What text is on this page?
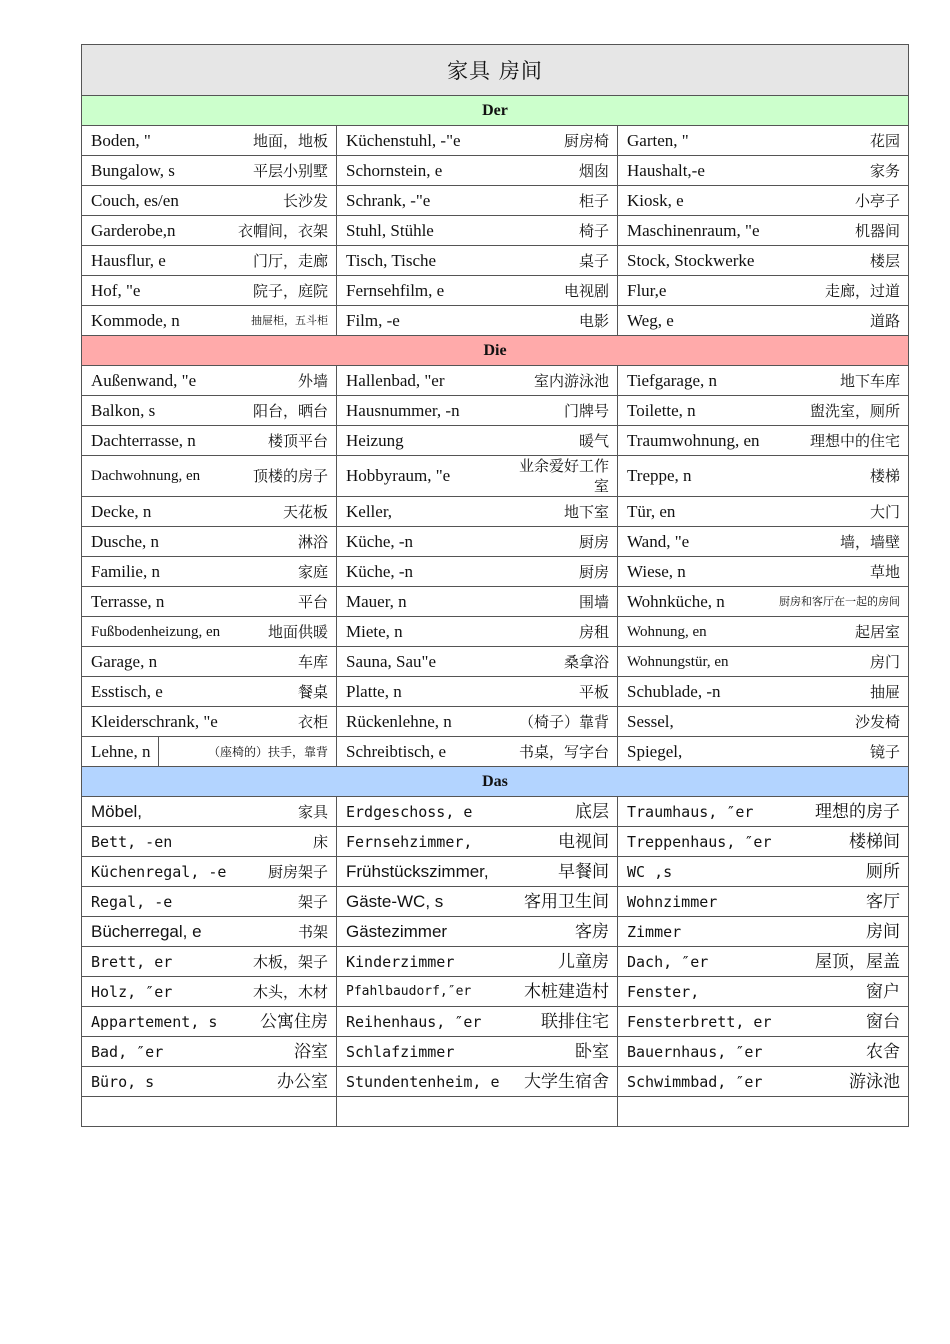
家具 房间		
Der		

Boden, " 地面，地板	Küchenstuhl, -"e 厨房椅	Garten, " 花园

Bungalow, s 平层小别墅	Schornstein, e 烟囱	Haushalt,-e 家务

Couch, es/en 长沙发	Schrank, -"e 柜子	Kiosk, e 小亭子

Garderobe,n 衣帽间，衣架	Stuhl, Stühle 椅子	Maschinenraum, "e 机器间

Hausflur, e 门厅，走廊	Tisch, Tische 桌子	Stock, Stockwerke 楼层

Hof, "e 院子，庭院	Fernsehfilm, e 电视剧	Flur,e 走廊，过道

Kommode, n 抽屉柜，五斗柜	Film, -e 电影	Weg, e 道路

Die		

Außenwand, "e 外墙	Hallenbad, "er 室内游泳池	Tiefgarage, n 地下车库

Balkon, s 阳台，晒台	Hausnummer, -n 门牌号	Toilette, n 盥洗室，厕所

Dachterrasse, n 楼顶平台	Heizung 暖气	Traumwohnung, en 理想中的住宅

Dachwohnung, en 顶楼的房子	Hobbyraum, "e 业余爱好工作室	Treppe, n 楼梯

Decke, n 天花板	Keller, 地下室	Tür, en 大门

Dusche, n 淋浴	Küche, -n 厨房	Wand, "e 墙，墙壁

Familie, n 家庭	Küche, -n 厨房	Wiese, n 草地

Terrasse, n 平台	Mauer, n 围墙	Wohnküche, n 厨房和客厅在一起的房间

Fußbodenheizung, en 地面供暖	Miete, n 房租	Wohnung, en 起居室

Garage, n 车库	Sauna, Sau"e 桑拿浴	Wohnungstür, en 房门

Esstisch, e 餐桌	Platte, n 平板	Schublade, -n 抽屉

Kleiderschrank, "e 衣柜	Rückenlehne, n （椅子）靠背	Sessel, 沙发椅

Lehne, n （座椅的）扶手，靠背	Schreibtisch, e 书桌，写字台	Spiegel, 镜子

Das		

Möbel, 家具	Erdgeschoss, e 底层	Traumhaus, ″er 理想的房子

Bett, -en 床	Fernsehzimmer, 电视间	Treppenhaus, ″er 楼梯间

Küchenregal, -e 厨房架子	Frühstückszimmer, 早餐间	WC ,s 厕所

Regal, -e 架子	Gäste-WC, s 客用卫生间	Wohnzimmer 客厅

Bücherregal, e 书架	Gästezimmer 客房	Zimmer 房间

Brett, er 木板，架子	Kinderzimmer 儿童房	Dach, ″er 屋顶，屋盖

Holz, ″er 木头，木材	Pfahlbaudorf,″er 木桩建造村	Fenster, 窗户

Appartement, s 公寓住房	Reihenhaus, ″er 联排住宅	Fensterbrett, er 窗台

Bad, ″er 浴室	Schlafzimmer 卧室	Bauernhaus, ″er 农舍

Büro, s 办公室	Stundentenheim, e 大学生宿舍	Schwimmbad, ″er 游泳池
